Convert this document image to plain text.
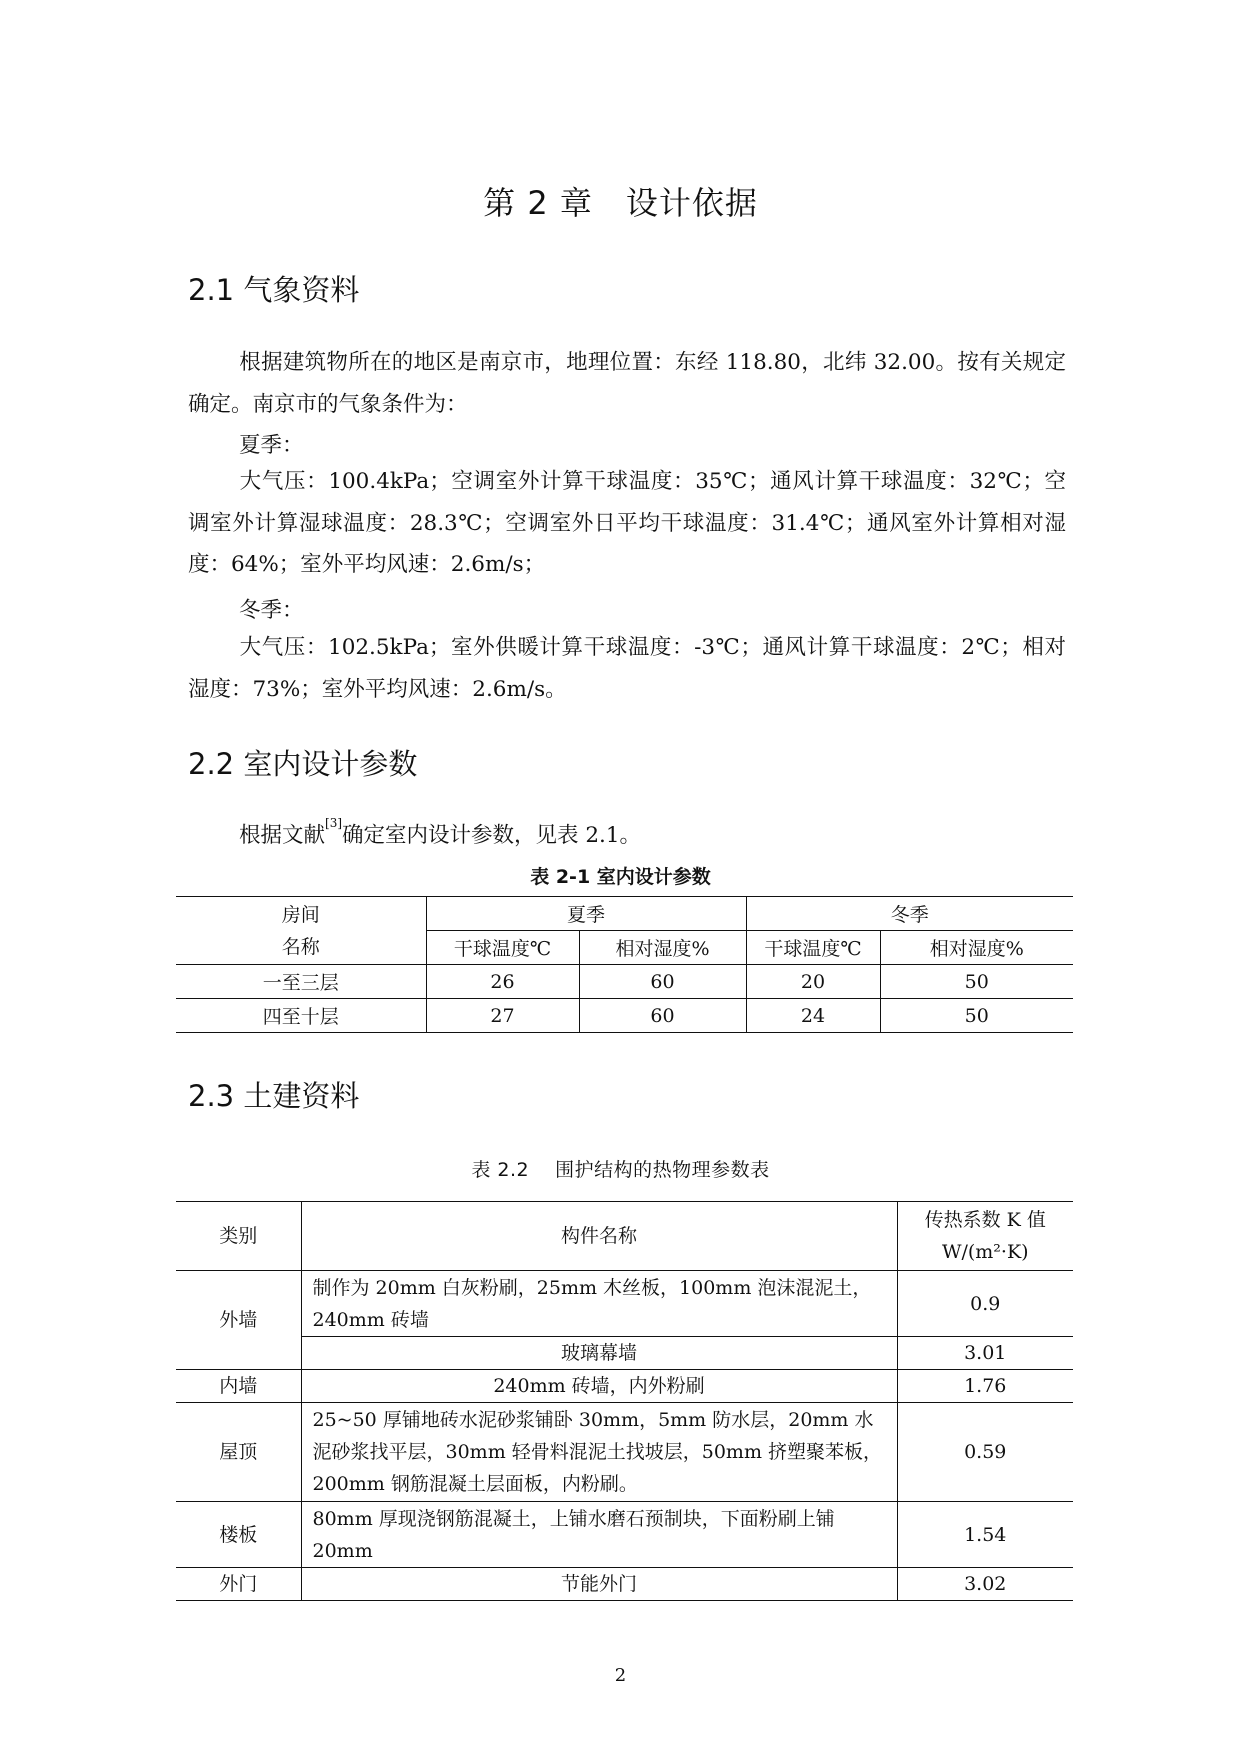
第 2 章　设计依据
2.1 气象资料
根据建筑物所在的地区是南京市，地理位置：东经 118.80，北纬 32.00。按有关规定确定。南京市的气象条件为：
夏季：
大气压：100.4kPa；空调室外计算干球温度：35℃；通风计算干球温度：32℃；空调室外计算湿球温度：28.3℃；空调室外日平均干球温度：31.4℃；通风室外计算相对湿度：64%；室外平均风速：2.6m/s；
冬季：
大气压：102.5kPa；室外供暖计算干球温度：-3℃；通风计算干球温度：2℃；相对湿度：73%；室外平均风速：2.6m/s。
2.2 室内设计参数
根据文献[3]确定室内设计参数，见表 2.1。
表 2-1 室内设计参数
房间
名称	夏季		冬季	
	干球温度℃	相对湿度%	干球温度℃	相对湿度%
一至三层	26	60	20	50
四至十层	27	60	24	50
2.3 土建资料
表 2.2　 围护结构的热物理参数表
类别	构件名称	传热系数 K 值
W/(m²·K)
外墙	制作为 20mm 白灰粉刷，25mm 木丝板，100mm 泡沫混泥土，240mm 砖墙	0.9
	玻璃幕墙	3.01
内墙	240mm 砖墙，内外粉刷	1.76
屋顶	25~50 厚铺地砖水泥砂浆铺卧 30mm，5mm 防水层，20mm 水泥砂浆找平层，30mm 轻骨料混泥土找坡层，50mm 挤塑聚苯板，200mm 钢筋混凝土层面板，内粉刷。	0.59
楼板	80mm 厚现浇钢筋混凝土，上铺水磨石预制块，下面粉刷上铺 20mm	1.54
外门	节能外门	3.02
2
